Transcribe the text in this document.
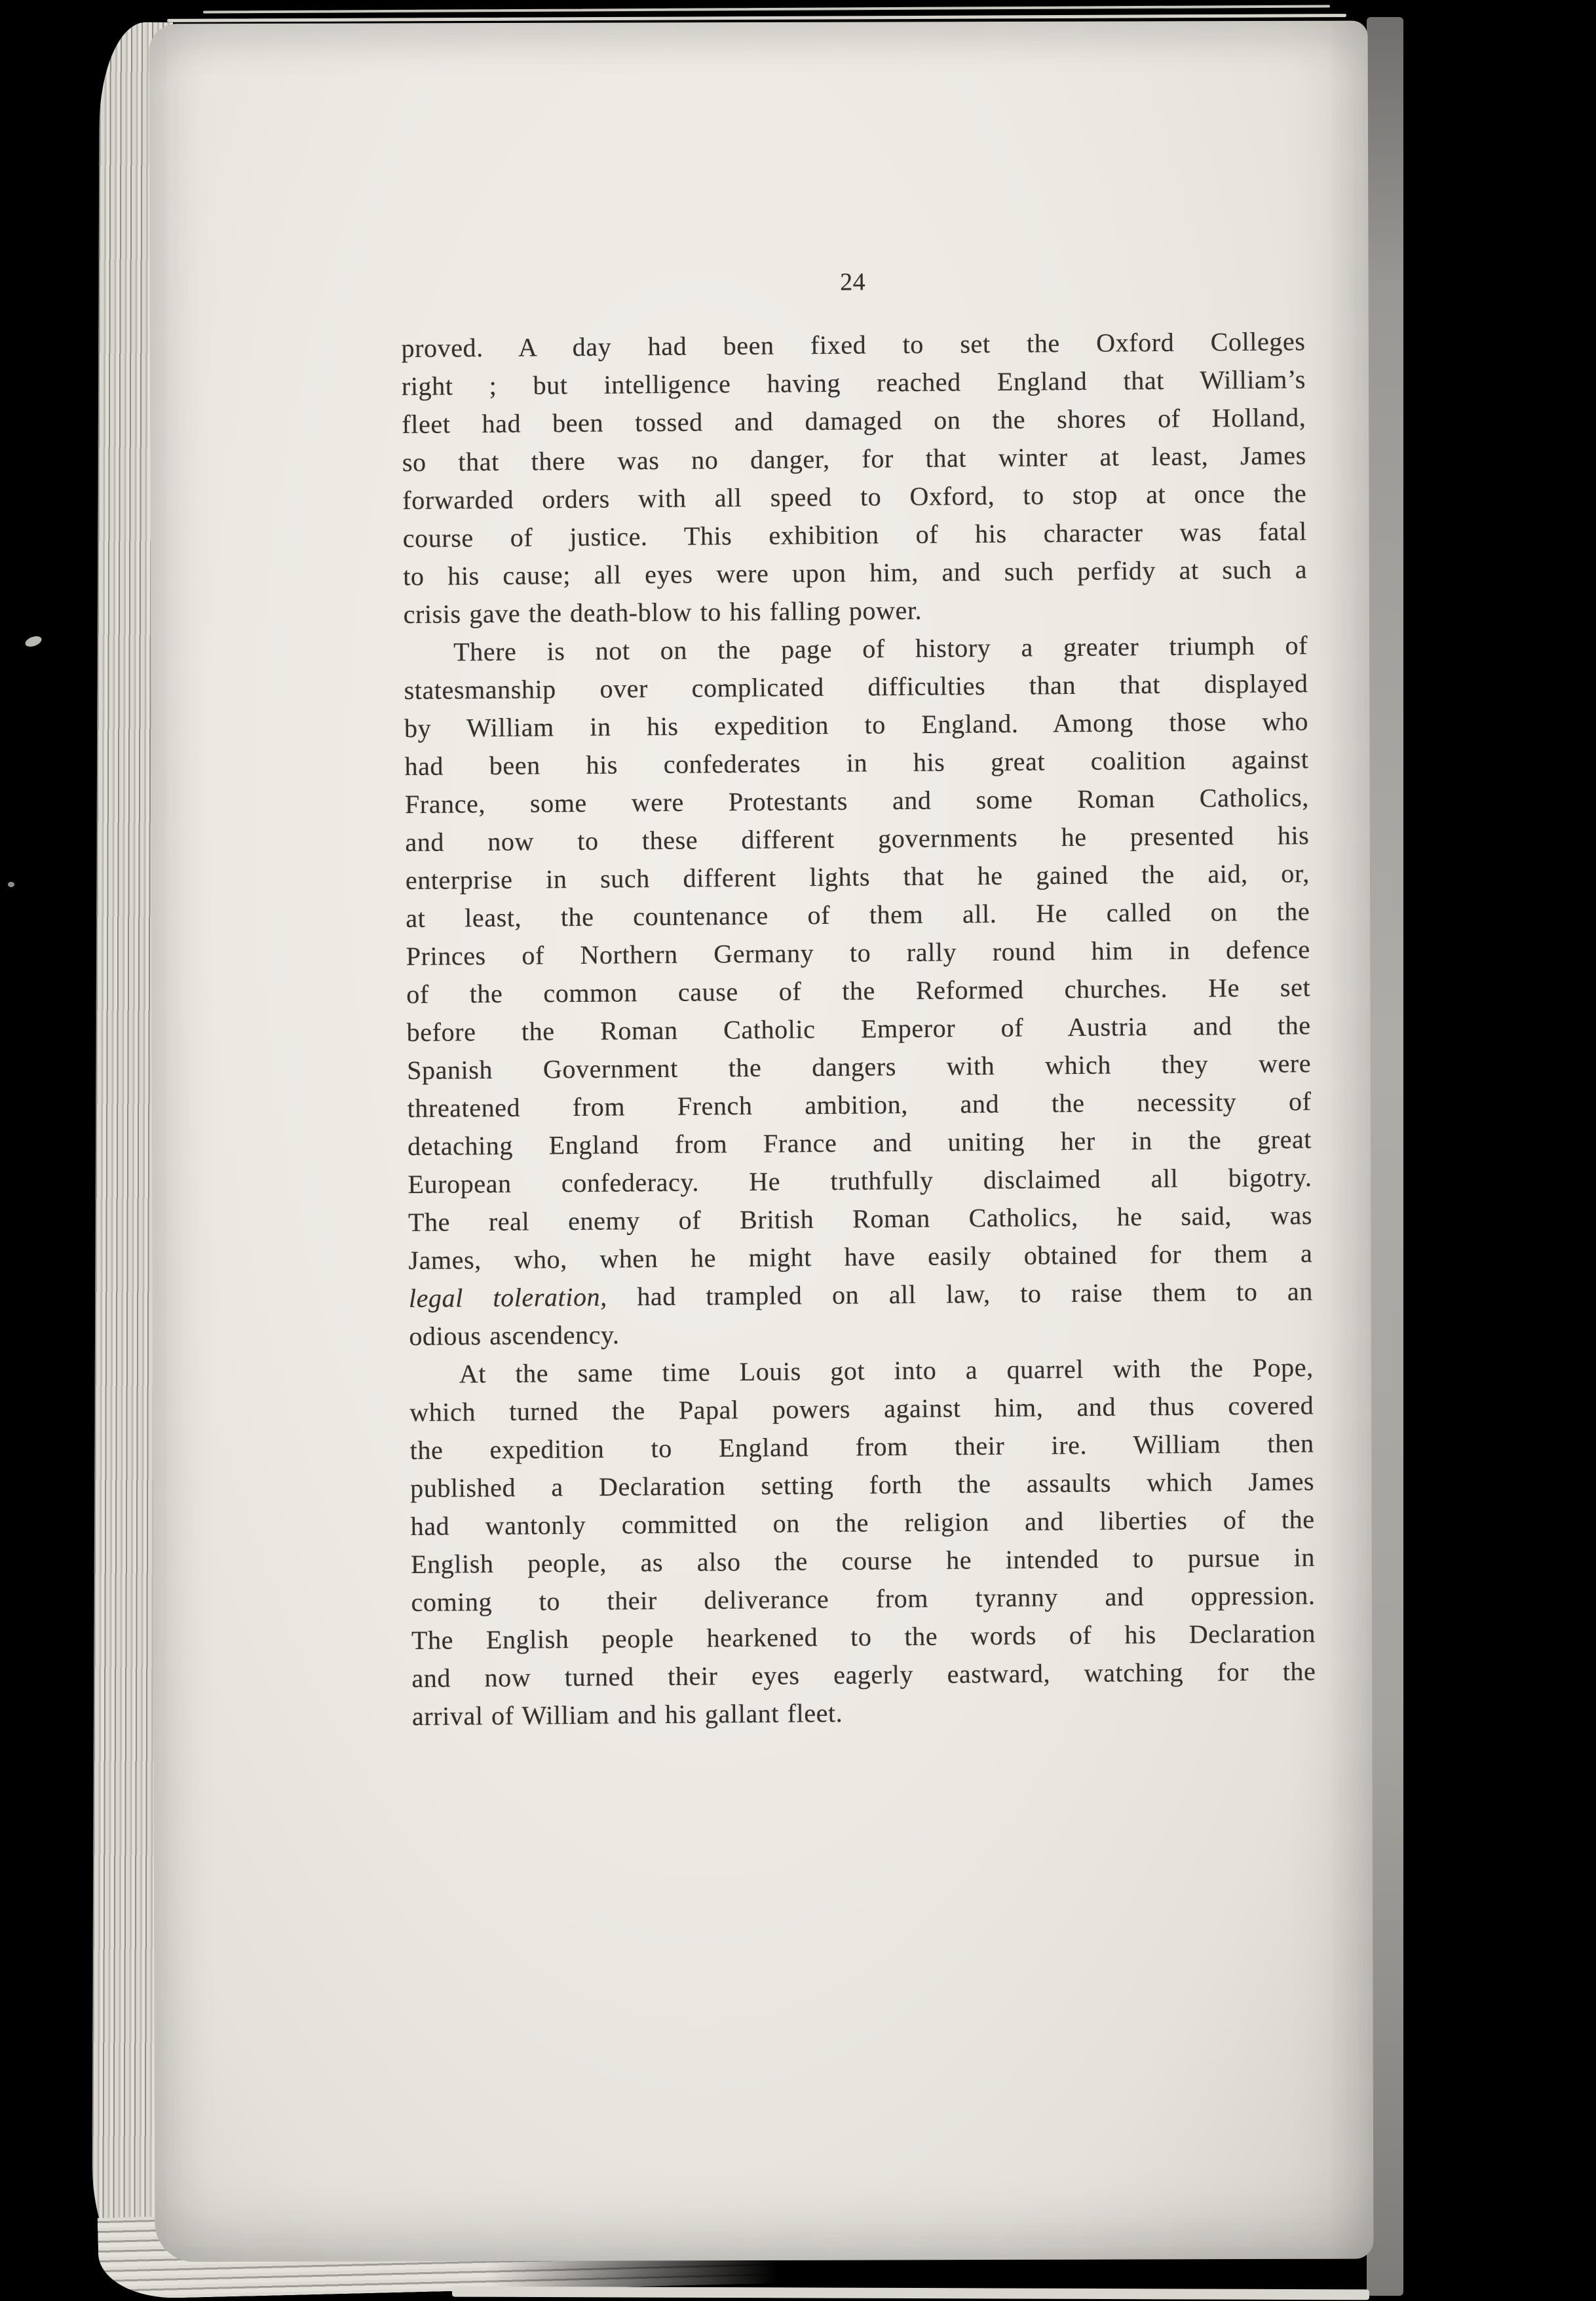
24
proved. A day had been fixed to set the Oxford Colleges
right ; but intelligence having reached England that William’s
fleet had been tossed and damaged on the shores of Holland,
so that there was no danger, for that winter at least, James
forwarded orders with all speed to Oxford, to stop at once the
course of justice. This exhibition of his character was fatal
to his cause; all eyes were upon him, and such perfidy at such a
crisis gave the death-blow to his falling power.
There is not on the page of history a greater triumph of
statesmanship over complicated difficulties than that displayed
by William in his expedition to England. Among those who
had been his confederates in his great coalition against
France, some were Protestants and some Roman Catholics,
and now to these different governments he presented his
enterprise in such different lights that he gained the aid, or,
at least, the countenance of them all. He called on the
Princes of Northern Germany to rally round him in defence
of the common cause of the Reformed churches. He set
before the Roman Catholic Emperor of Austria and the
Spanish Government the dangers with which they were
threatened from French ambition, and the necessity of
detaching England from France and uniting her in the great
European confederacy. He truthfully disclaimed all bigotry.
The real enemy of British Roman Catholics, he said, was
James, who, when he might have easily obtained for them a
legal toleration, had trampled on all law, to raise them to an
odious ascendency.
At the same time Louis got into a quarrel with the Pope,
which turned the Papal powers against him, and thus covered
the expedition to England from their ire. William then
published a Declaration setting forth the assaults which James
had wantonly committed on the religion and liberties of the
English people, as also the course he intended to pursue in
coming to their deliverance from tyranny and oppression.
The English people hearkened to the words of his Declaration
and now turned their eyes eagerly eastward, watching for the
arrival of William and his gallant fleet.
